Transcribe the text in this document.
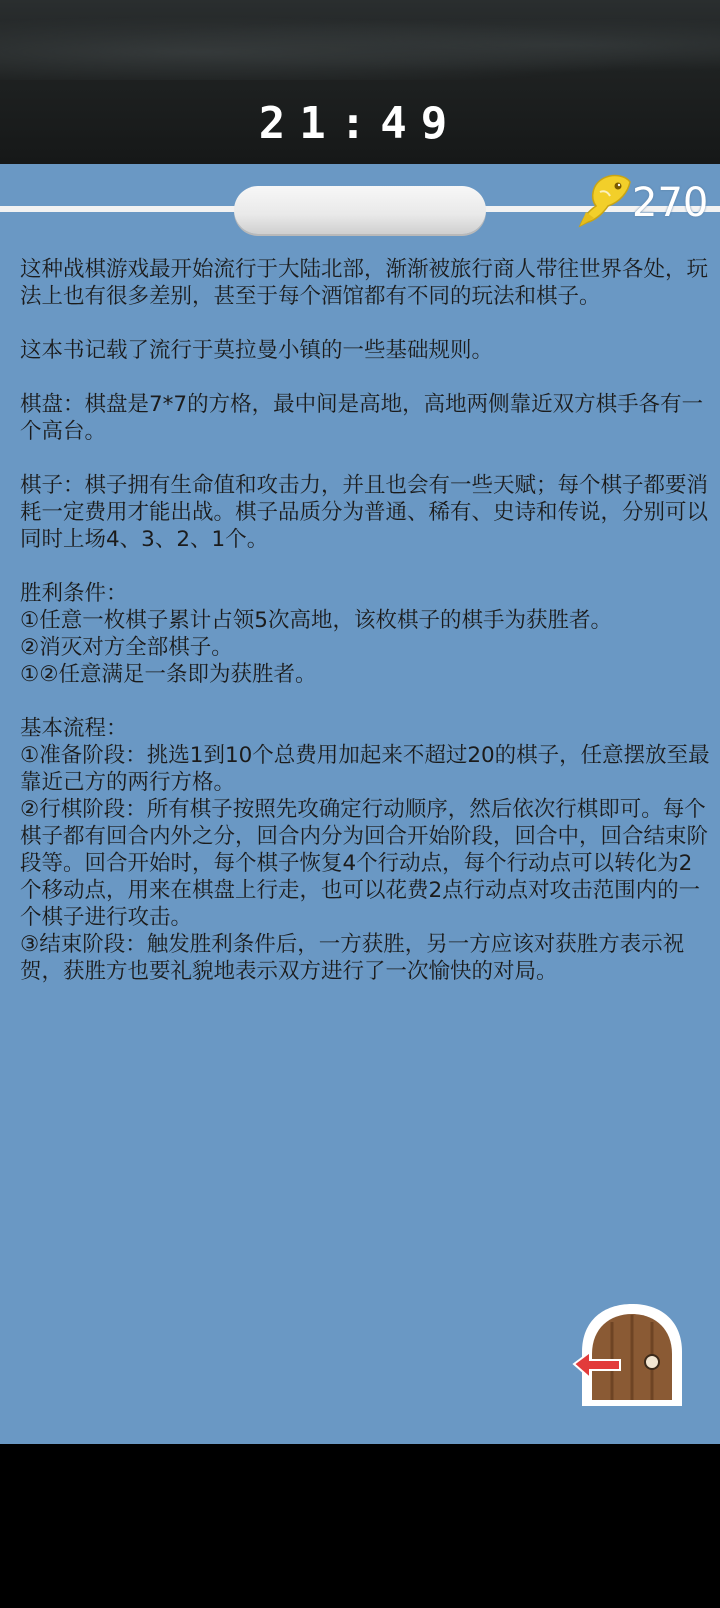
21:49
270

这种战棋游戏最开始流行于大陆北部，渐渐被旅行商人带往世界各处，玩法上也有很多差别，甚至于每个酒馆都有不同的玩法和棋子。

这本书记载了流行于莫拉曼小镇的一些基础规则。

棋盘：棋盘是7*7的方格，最中间是高地，高地两侧靠近双方棋手各有一个高台。

棋子：棋子拥有生命值和攻击力，并且也会有一些天赋；每个棋子都要消耗一定费用才能出战。棋子品质分为普通、稀有、史诗和传说，分别可以同时上场4、3、2、1个。

胜利条件：

①任意一枚棋子累计占领5次高地，该枚棋子的棋手为获胜者。

②消灭对方全部棋子。

①②任意满足一条即为获胜者。

基本流程：

①准备阶段：挑选1到10个总费用加起来不超过20的棋子，任意摆放至最靠近己方的两行方格。

②行棋阶段：所有棋子按照先攻确定行动顺序，然后依次行棋即可。每个棋子都有回合内外之分，回合内分为回合开始阶段，回合中，回合结束阶段等。回合开始时，每个棋子恢复4个行动点，每个行动点可以转化为2个移动点，用来在棋盘上行走，也可以花费2点行动点对攻击范围内的一个棋子进行攻击。

③结束阶段：触发胜利条件后，一方获胜，另一方应该对获胜方表示祝贺，获胜方也要礼貌地表示双方进行了一次愉快的对局。
